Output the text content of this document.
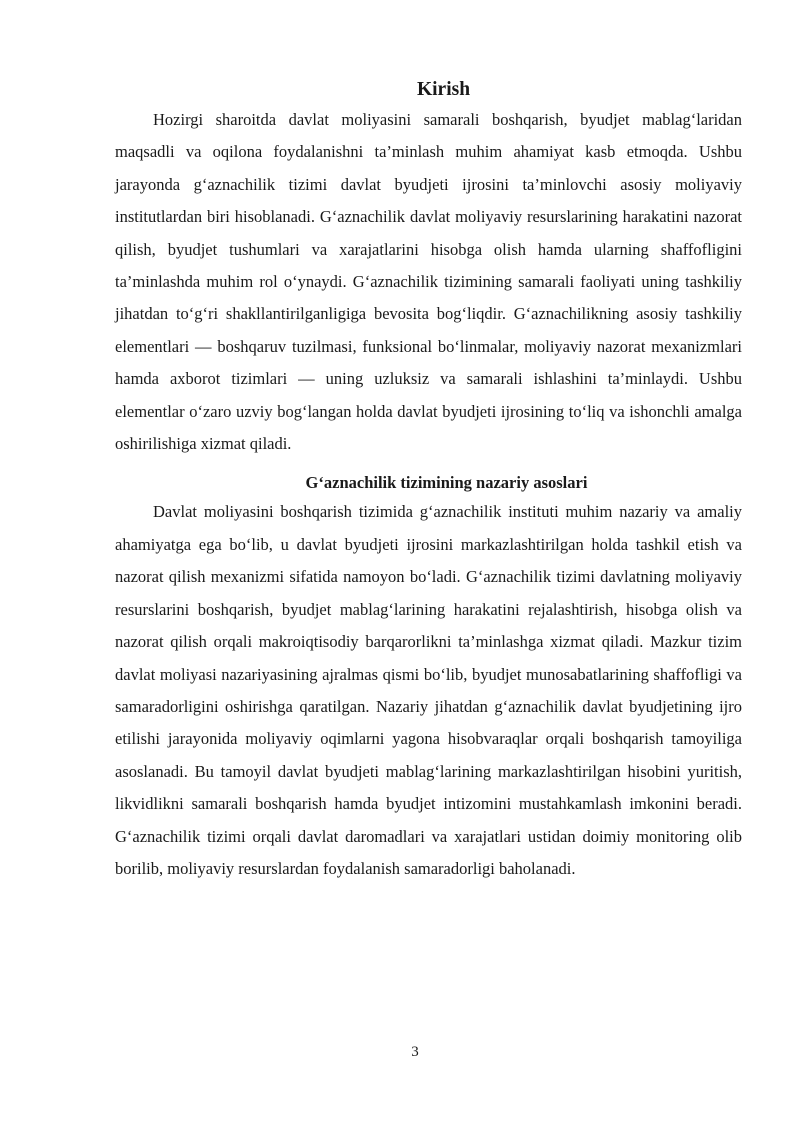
Kirish

Hozirgi sharoitda davlat moliyasini samarali boshqarish, byudjet mablag‘laridan maqsadli va oqilona foydalanishni ta’minlash muhim ahamiyat kasb etmoqda. Ushbu jarayonda g‘aznachilik tizimi davlat byudjeti ijrosini ta’minlovchi asosiy moliyaviy institutlardan biri hisoblanadi. G‘aznachilik davlat moliyaviy resurslarining harakatini nazorat qilish, byudjet tushumlari va xarajatlarini hisobga olish hamda ularning shaffofligini ta’minlashda muhim rol o‘ynaydi. G‘aznachilik tizimining samarali faoliyati uning tashkiliy jihatdan to‘g‘ri shakllantirilganligiga bevosita bog‘liqdir. G‘aznachilikning asosiy tashkiliy elementlari — boshqaruv tuzilmasi, funksional bo‘linmalar, moliyaviy nazorat mexanizmlari hamda axborot tizimlari — uning uzluksiz va samarali ishlashini ta’minlaydi. Ushbu elementlar o‘zaro uzviy bog‘langan holda davlat byudjeti ijrosining to‘liq va ishonchli amalga oshirilishiga xizmat qiladi.

G‘aznachilik tizimining nazariy asoslari

Davlat moliyasini boshqarish tizimida g‘aznachilik instituti muhim nazariy va amaliy ahamiyatga ega bo‘lib, u davlat byudjeti ijrosini markazlashtirilgan holda tashkil etish va nazorat qilish mexanizmi sifatida namoyon bo‘ladi. G‘aznachilik tizimi davlatning moliyaviy resurslarini boshqarish, byudjet mablag‘larining harakatini rejalashtirish, hisobga olish va nazorat qilish orqali makroiqtisodiy barqarorlikni ta’minlashga xizmat qiladi. Mazkur tizim davlat moliyasi nazariyasining ajralmas qismi bo‘lib, byudjet munosabatlarining shaffofligi va samaradorligini oshirishga qaratilgan. Nazariy jihatdan g‘aznachilik davlat byudjetining ijro etilishi jarayonida moliyaviy oqimlarni yagona hisobvaraqlar orqali boshqarish tamoyiliga asoslanadi. Bu tamoyil davlat byudjeti mablag‘larining markazlashtirilgan hisobini yuritish, likvidlikni samarali boshqarish hamda byudjet intizomini mustahkamlash imkonini beradi. G‘aznachilik tizimi orqali davlat daromadlari va xarajatlari ustidan doimiy monitoring olib borilib, moliyaviy resurslardan foydalanish samaradorligi baholanadi.

3
